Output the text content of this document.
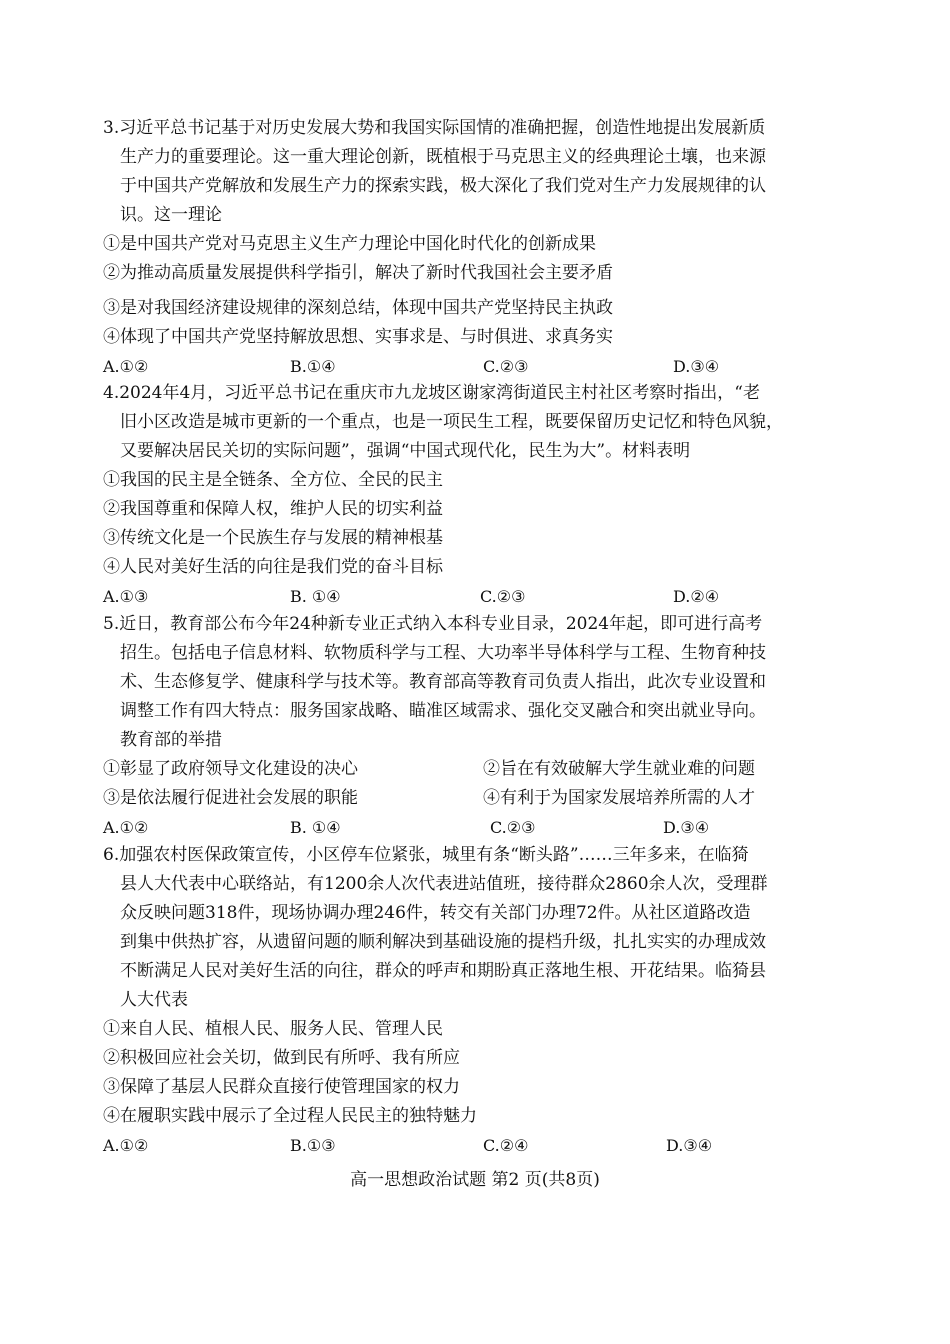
3.习近平总书记基于对历史发展大势和我国实际国情的准确把握，创造性地提出发展新质
生产力的重要理论。这一重大理论创新，既植根于马克思主义的经典理论土壤，也来源
于中国共产党解放和发展生产力的探索实践，极大深化了我们党对生产力发展规律的认
识。这一理论
①是中国共产党对马克思主义生产力理论中国化时代化的创新成果
②为推动高质量发展提供科学指引，解决了新时代我国社会主要矛盾
③是对我国经济建设规律的深刻总结，体现中国共产党坚持民主执政
④体现了中国共产党坚持解放思想、实事求是、与时俱进、求真务实
A.①②	B.①④	C.②③	D.③④
4.2024年4月，习近平总书记在重庆市九龙坡区谢家湾街道民主村社区考察时指出，“老
旧小区改造是城市更新的一个重点，也是一项民生工程，既要保留历史记忆和特色风貌，
又要解决居民关切的实际问题”，强调“中国式现代化，民生为大”。材料表明
①我国的民主是全链条、全方位、全民的民主
②我国尊重和保障人权，维护人民的切实利益
③传统文化是一个民族生存与发展的精神根基
④人民对美好生活的向往是我们党的奋斗目标
A.①③	B. ①④	C.②③	D.②④
5.近日，教育部公布今年24种新专业正式纳入本科专业目录，2024年起，即可进行高考
招生。包括电子信息材料、软物质科学与工程、大功率半导体科学与工程、生物育种技
术、生态修复学、健康科学与技术等。教育部高等教育司负责人指出，此次专业设置和
调整工作有四大特点：服务国家战略、瞄准区域需求、强化交叉融合和突出就业导向。
教育部的举措
①彰显了政府领导文化建设的决心	②旨在有效破解大学生就业难的问题
③是依法履行促进社会发展的职能	④有利于为国家发展培养所需的人才
A.①②	B. ①④	C.②③	D.③④
6.加强农村医保政策宣传，小区停车位紧张，城里有条“断头路”……三年多来，在临猗
县人大代表中心联络站，有1200余人次代表进站值班，接待群众2860余人次，受理群
众反映问题318件，现场协调办理246件，转交有关部门办理72件。从社区道路改造
到集中供热扩容，从遗留问题的顺利解决到基础设施的提档升级，扎扎实实的办理成效
不断满足人民对美好生活的向往，群众的呼声和期盼真正落地生根、开花结果。临猗县
人大代表
①来自人民、植根人民、服务人民、管理人民
②积极回应社会关切，做到民有所呼、我有所应
③保障了基层人民群众直接行使管理国家的权力
④在履职实践中展示了全过程人民民主的独特魅力
A.①②	B.①③	C.②④	D.③④
高一思想政治试题 第2 页(共8页)
